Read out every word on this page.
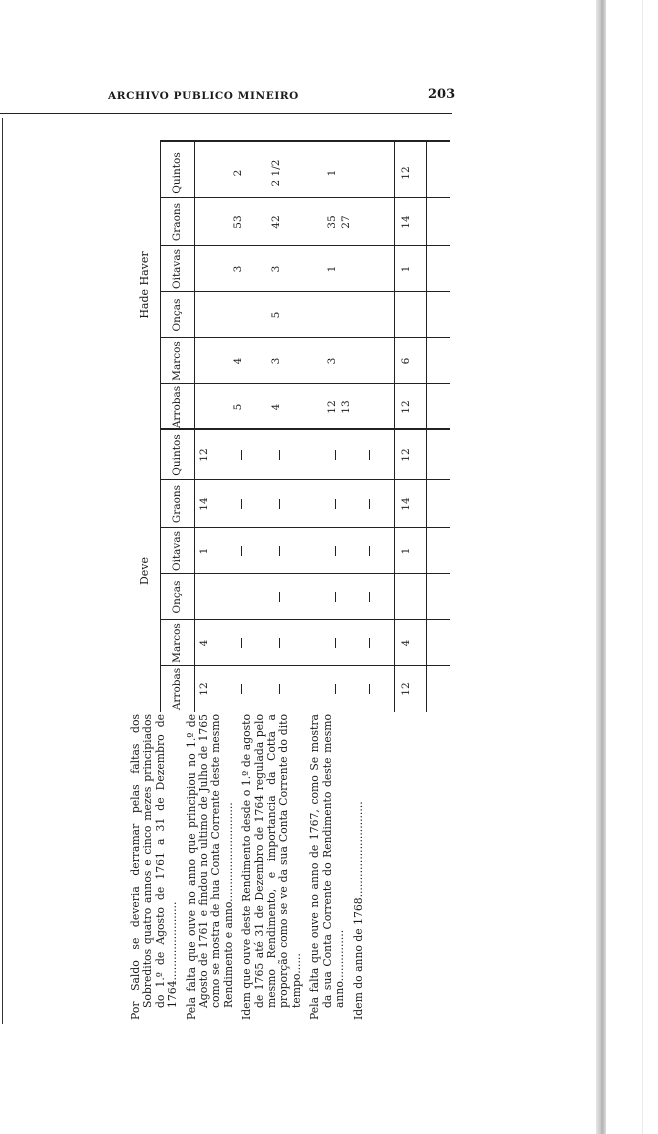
ARCHIVO PUBLICO MINEIRO	203

Por Saldo se deveria derramar pelas faltas dos Sobreditos quatro annos e cinco mezes principiados do 1.º de Agosto de 1761 a 31 de Dezembro de 1764....................... Pela falta que ouve no anno que principiou no 1.º de Agosto de 1761 e findou no ultimo de Julho de 1765 como se mostra de hua Conta Corrente deste mesmo Rendimento e anno............................. Idem que ouve deste Rendimento desde o 1.º de agosto de 1765 até 31 de Dezembro de 1764 regulada pelo mesmo Rendimento, e importancia da Cotta a proporção como se ve da sua Conta Corrente do dito tempo...... Pela falta que ouve no anno de 1767, como Se mostra da sua Conta Corrente do Rendimento deste mesmo anno............... Idem do anno de 1768............................

Deve
Hade Haver
Arrobas
Marcos
Onças
Oitavas
Graons
Quintos
Arrobas
Marcos
Onças
Oitavas
Graons
Quintos
12
4
1
14
12
5
4
3
53
2
4
3
5
3
42
2 1/2
12
3
1
35
1
13
27
12
4
1
14
12
12
6
1
14
12
